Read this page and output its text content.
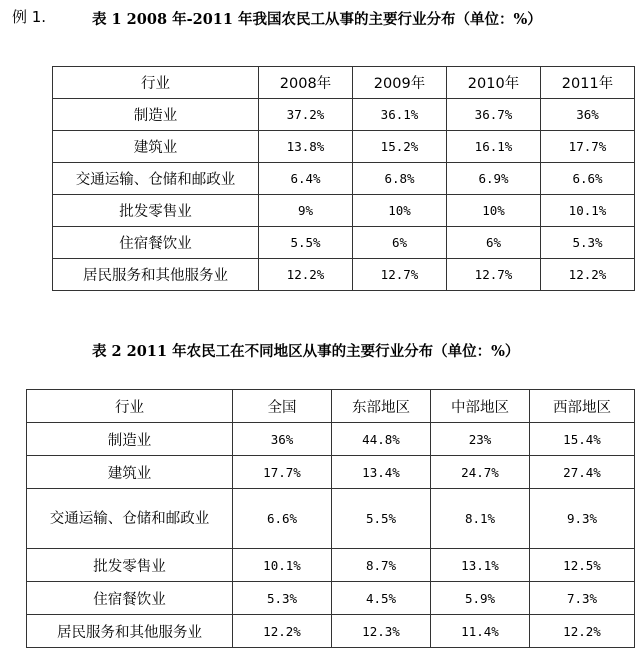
例 1.	表 1 2008 年-2011 年我国农民工从事的主要行业分布（单位：%）
行业	2008年	2009年	2010年	2011年
制造业	37.2%	36.1%	36.7%	36%
建筑业	13.8%	15.2%	16.1%	17.7%
交通运输、仓储和邮政业	6.4%	6.8%	6.9%	6.6%
批发零售业	9%	10%	10%	10.1%
住宿餐饮业	5.5%	6%	6%	5.3%
居民服务和其他服务业	12.2%	12.7%	12.7%	12.2%
表 2 2011 年农民工在不同地区从事的主要行业分布（单位：%）
行业	全国	东部地区	中部地区	西部地区
制造业	36%	44.8%	23%	15.4%
建筑业	17.7%	13.4%	24.7%	27.4%
交通运输、仓储和邮政业	6.6%	5.5%	8.1%	9.3%
批发零售业	10.1%	8.7%	13.1%	12.5%
住宿餐饮业	5.3%	4.5%	5.9%	7.3%
居民服务和其他服务业	12.2%	12.3%	11.4%	12.2%
